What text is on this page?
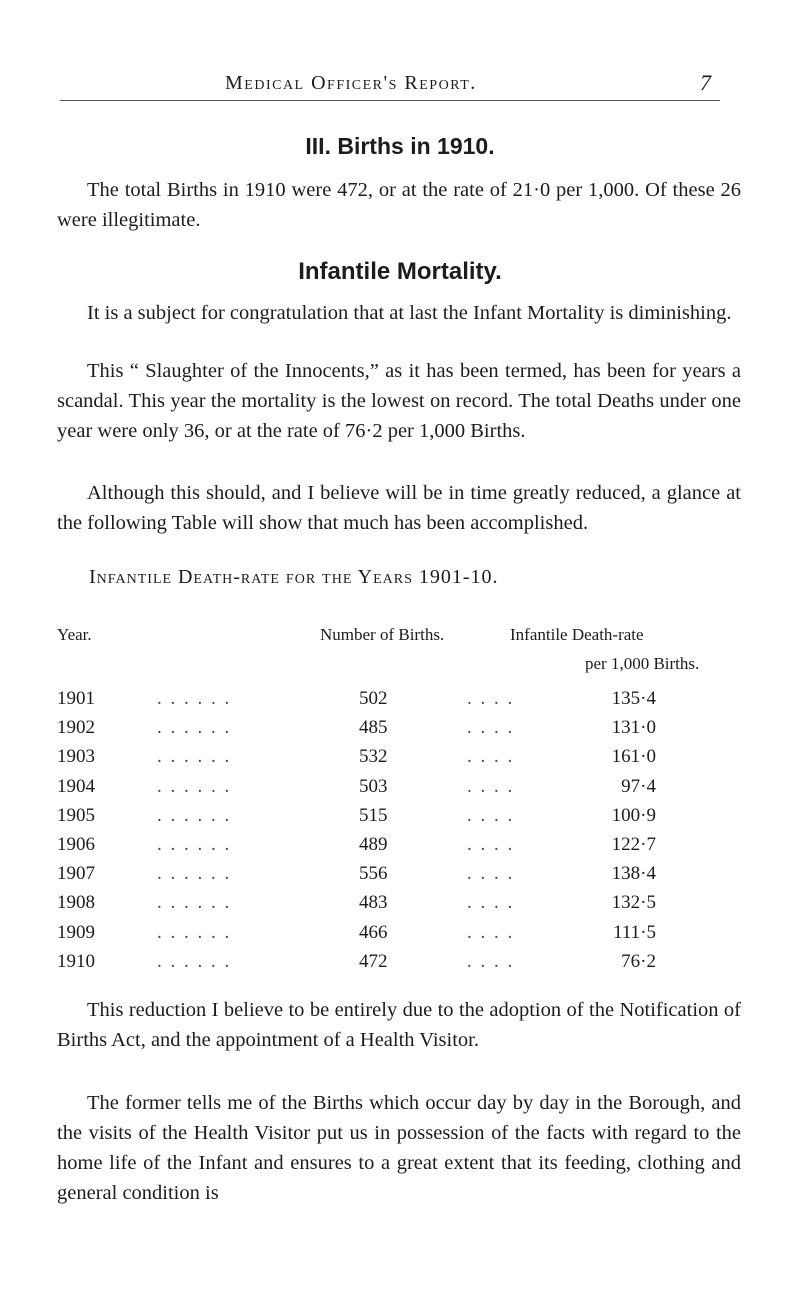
Medical Officer's Report.	7
III. Births in 1910.

The total Births in 1910 were 472, or at the rate of 21·0 per 1,000. Of these 26 were illegitimate.

Infantile Mortality.

It is a subject for congratulation that at last the Infant Mortality is diminishing.

This “ Slaughter of the Innocents,” as it has been termed, has been for years a scandal. This year the mortality is the lowest on record. The total Deaths under one year were only 36, or at the rate of 76·2 per 1,000 Births.

Although this should, and I believe will be in time greatly reduced, a glance at the following Table will show that much has been accomplished.

Infantile Death-rate for the Years 1901-10.
Year.	Number of Births.	Infantile Death-rate
per 1,000 Births.
1901	. . . . . .	502	. . . .	135·4
1902	. . . . . .	485	. . . .	131·0
1903	. . . . . .	532	. . . .	161·0
1904	. . . . . .	503	. . . .	97·4
1905	. . . . . .	515	. . . .	100·9
1906	. . . . . .	489	. . . .	122·7
1907	. . . . . .	556	. . . .	138·4
1908	. . . . . .	483	. . . .	132·5
1909	. . . . . .	466	. . . .	111·5
1910	. . . . . .	472	. . . .	76·2

This reduction I believe to be entirely due to the adoption of the Notification of Births Act, and the appointment of a Health Visitor.

The former tells me of the Births which occur day by day in the Borough, and the visits of the Health Visitor put us in possession of the facts with regard to the home life of the Infant and ensures to a great extent that its feeding, clothing and general condition is
